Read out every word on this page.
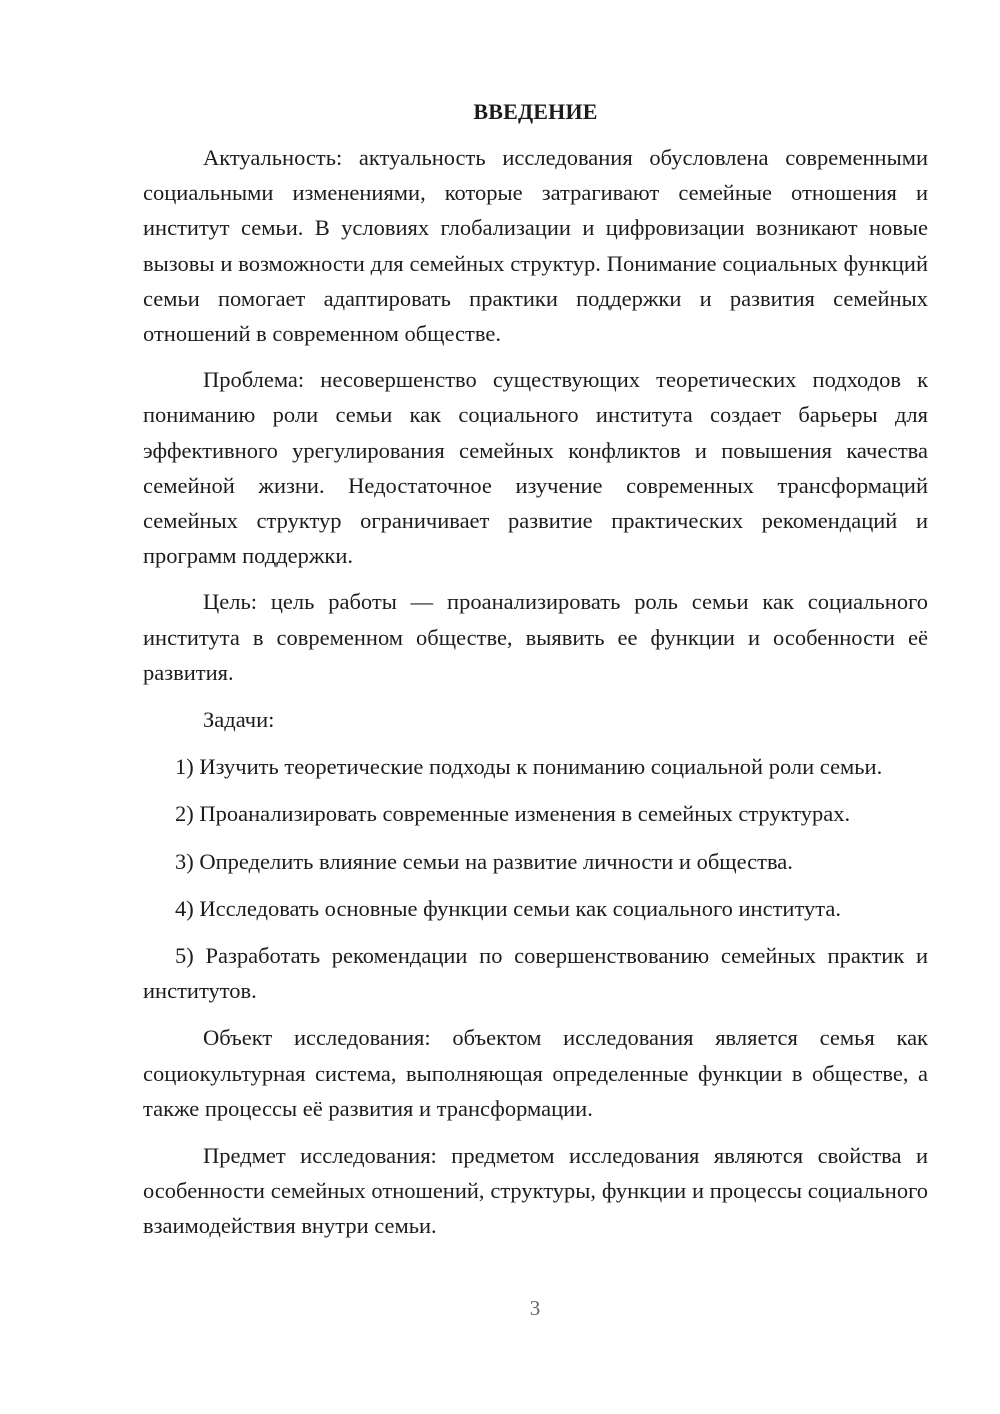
ВВЕДЕНИЕ

Актуальность: актуальность исследования обусловлена современными социальными изменениями, которые затрагивают семейные отношения и институт семьи. В условиях глобализации и цифровизации возникают новые вызовы и возможности для семейных структур. Понимание социальных функций семьи помогает адаптировать практики поддержки и развития семейных отношений в современном обществе.

Проблема: несовершенство существующих теоретических подходов к пониманию роли семьи как социального института создает барьеры для эффективного урегулирования семейных конфликтов и повышения качества семейной жизни. Недостаточное изучение современных трансформаций семейных структур ограничивает развитие практических рекомендаций и программ поддержки.

Цель: цель работы — проанализировать роль семьи как социального института в современном обществе, выявить ее функции и особенности её развития.

Задачи:

1) Изучить теоретические подходы к пониманию социальной роли семьи.

2) Проанализировать современные изменения в семейных структурах.

3) Определить влияние семьи на развитие личности и общества.

4) Исследовать основные функции семьи как социального института.

5) Разработать рекомендации по совершенствованию семейных практик и институтов.

Объект исследования: объектом исследования является семья как социокультурная система, выполняющая определенные функции в обществе, а также процессы её развития и трансформации.

Предмет исследования: предметом исследования являются свойства и особенности семейных отношений, структуры, функции и процессы социального взаимодействия внутри семьи.

3
